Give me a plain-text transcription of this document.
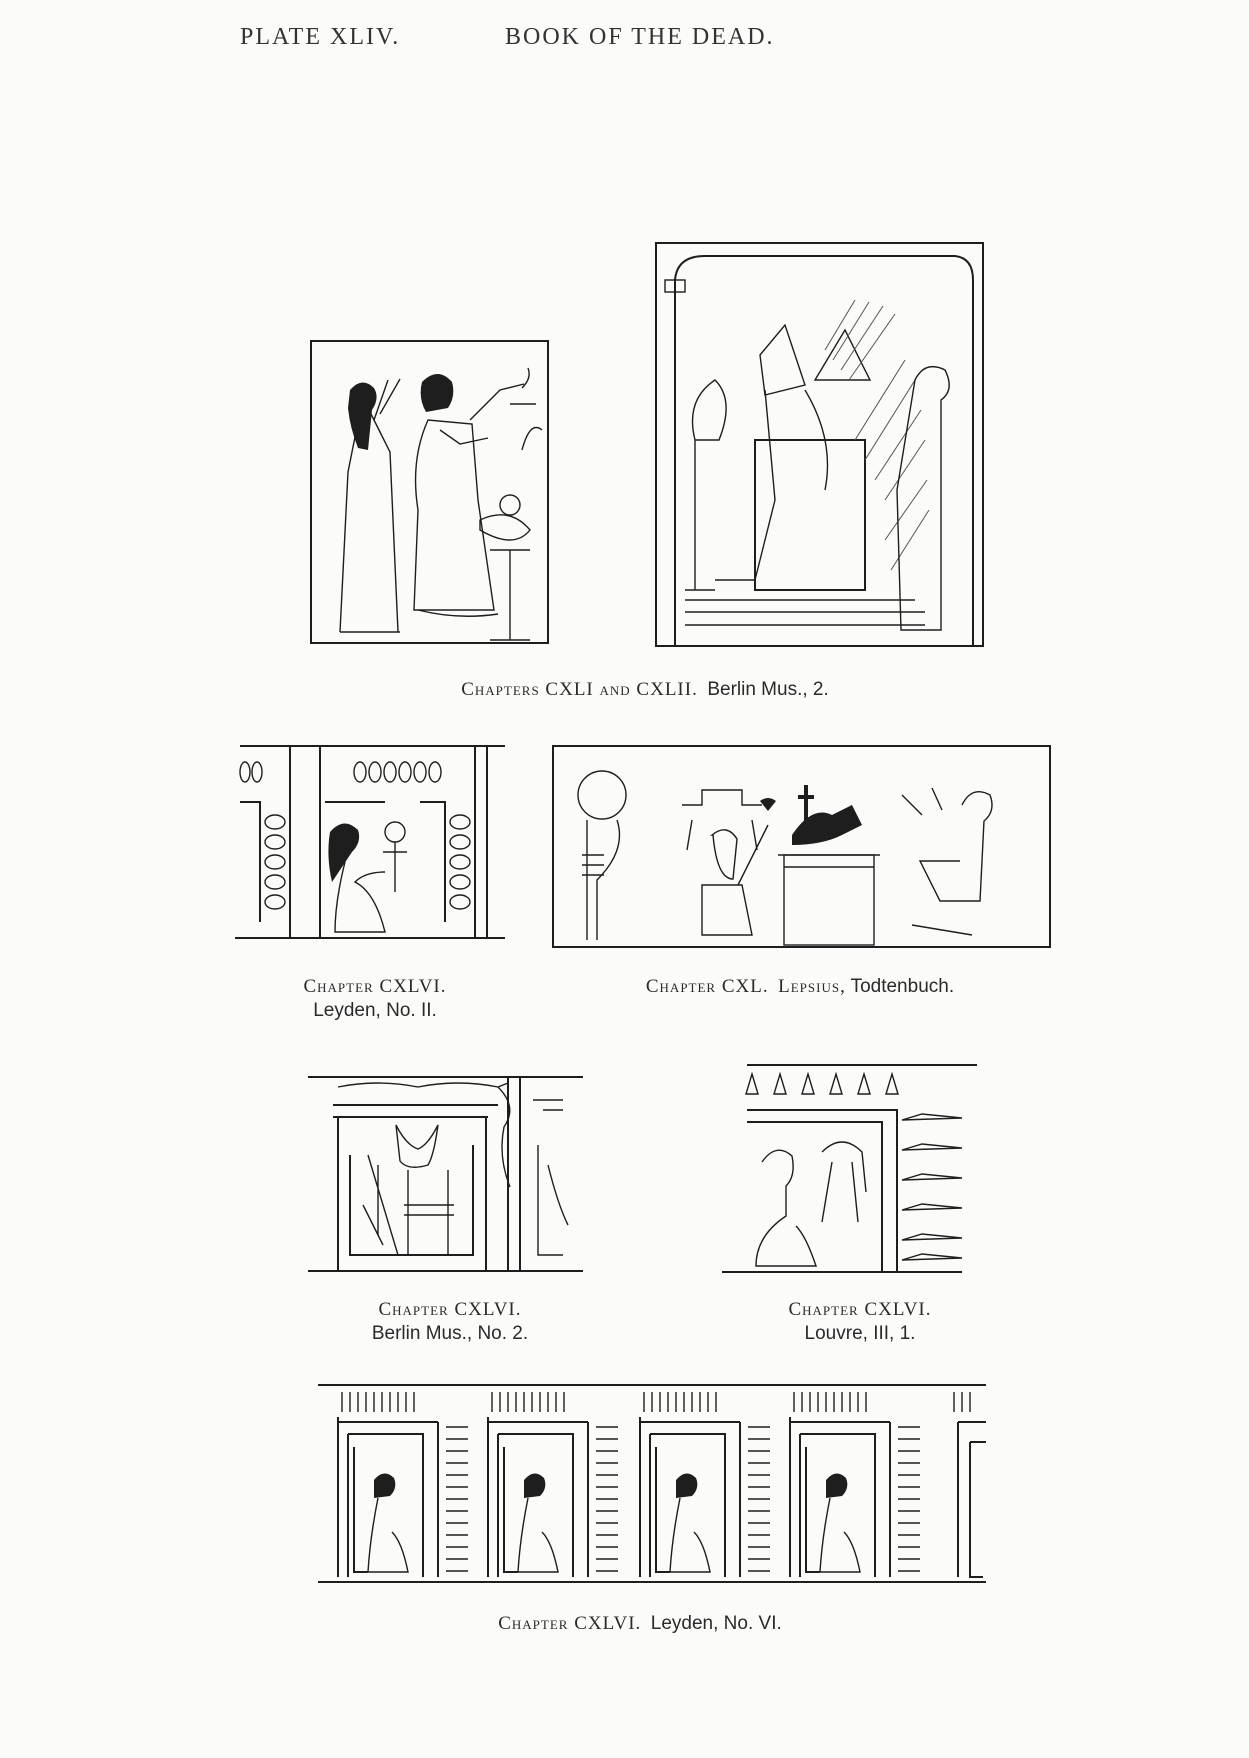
PLATE XLIV.	BOOK OF THE DEAD.
Chapters CXLI and CXLII. Berlin Mus., 2.
Chapter CXLVI.
Leyden, No. II.
Chapter CXL. Lepsius, Todtenbuch.
Chapter CXLVI.
Berlin Mus., No. 2.
Chapter CXLVI.
Louvre, III, 1.
Chapter CXLVI. Leyden, No. VI.
